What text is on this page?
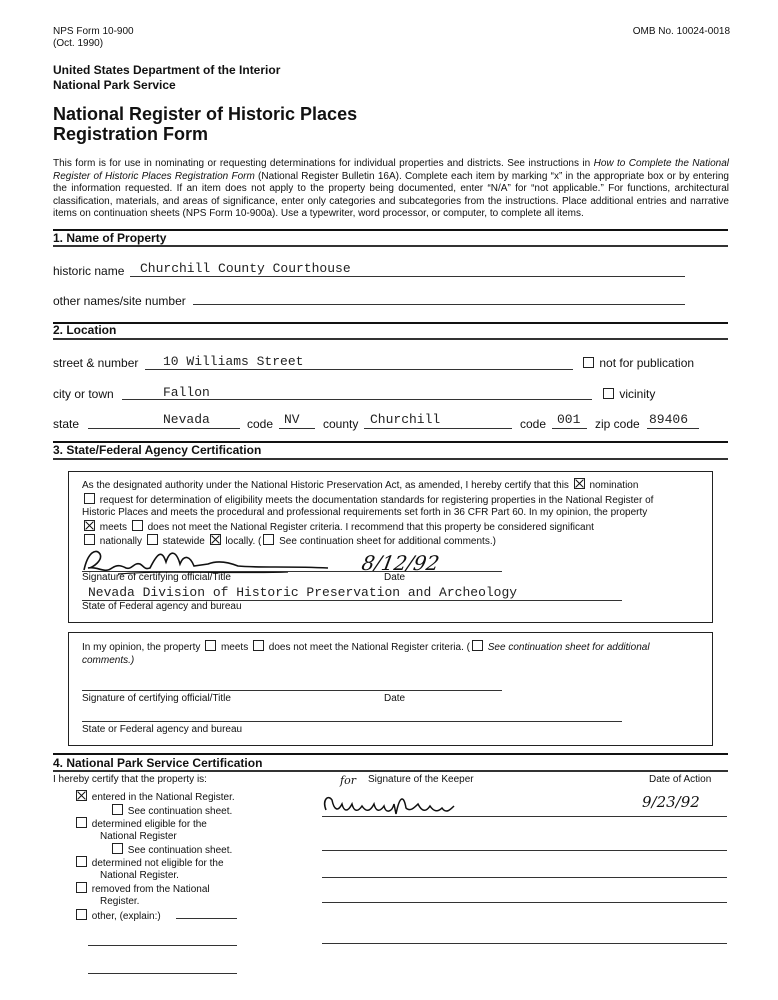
NPS Form 10-900
(Oct. 1990)
OMB No. 10024-0018
United States Department of the Interior
National Park Service
National Register of Historic Places
Registration Form
This form is for use in nominating or requesting determinations for individual properties and districts. See instructions in How to Complete the National Register of Historic Places Registration Form (National Register Bulletin 16A). Complete each item by marking “x” in the appropriate box or by entering the information requested. If an item does not apply to the property being documented, enter “N/A” for “not applicable.” For functions, architectural classification, materials, and areas of significance, enter only categories and subcategories from the instructions. Place additional entries and narrative items on continuation sheets (NPS Form 10-900a). Use a typewriter, word processor, or computer, to complete all items.
1. Name of Property
historic name Churchill County Courthouse
other names/site number
2. Location
street & number 10 Williams Street	not for publication
city or town	Fallon	vicinity
state	Nevada	code NV county Churchill	code 001 zip code 89406
3. State/Federal Agency Certification
As the designated authority under the National Historic Preservation Act, as amended, I hereby certify that this nomination
request for determination of eligibility meets the documentation standards for registering properties in the National Register of Historic Places and meets the procedural and professional requirements set forth in 36 CFR Part 60. In my opinion, the property
meets does not meet the National Register criteria. I recommend that this property be considered significant
nationally statewide locally. ( See continuation sheet for additional comments.)
8/12/92
Signature of certifying official/Title	Date
Nevada Division of Historic Preservation and Archeology
State of Federal agency and bureau
In my opinion, the property meets does not meet the National Register criteria. ( See continuation sheet for additional comments.)
Signature of certifying official/Title	Date
State or Federal agency and bureau
4. National Park Service Certification
I hereby certify that the property is:	for Signature of the Keeper	Date of Action
9/23/92
entered in the National Register.
See continuation sheet.
determined eligible for the
National Register
See continuation sheet.
determined not eligible for the
National Register.
removed from the National
Register.
other, (explain:)
